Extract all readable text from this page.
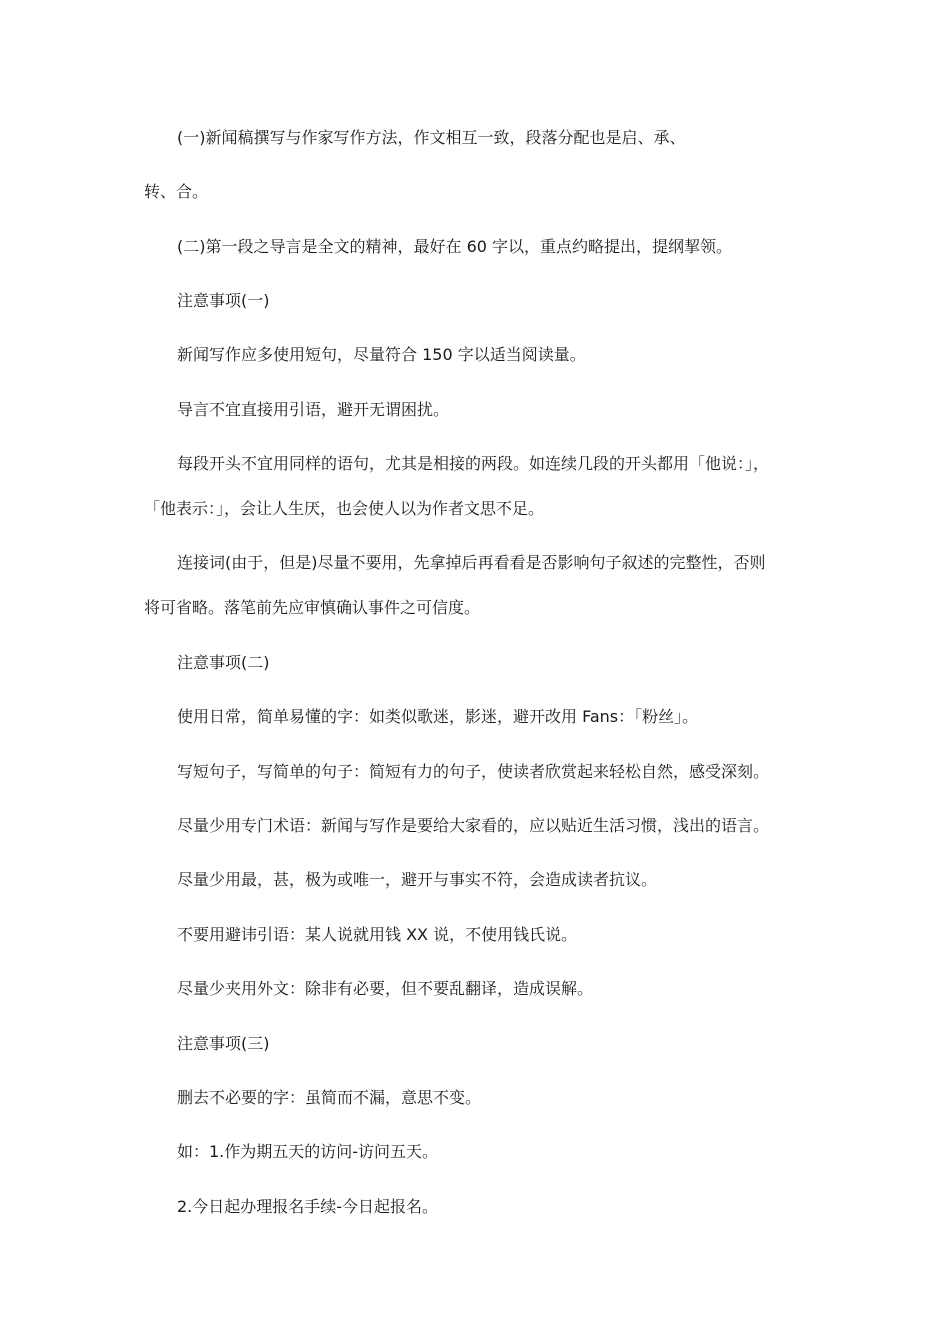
(一)新闻稿撰写与作家写作方法，作文相互一致，段落分配也是启、承、
转、合。
(二)第一段之导言是全文的精神，最好在 60 字以，重点约略提出，提纲挈领。
注意事项(一)
新闻写作应多使用短句，尽量符合 150 字以适当阅读量。
导言不宜直接用引语，避开无谓困扰。
每段开头不宜用同样的语句，尤其是相接的两段。如连续几段的开头都用「他说：」，
「他表示：」，会让人生厌，也会使人以为作者文思不足。
连接词(由于，但是)尽量不要用，先拿掉后再看看是否影响句子叙述的完整性，否则
将可省略。落笔前先应审慎确认事件之可信度。
注意事项(二)
使用日常，简单易懂的字：如类似歌迷，影迷，避开改用 Fans：「粉丝」。
写短句子，写简单的句子：简短有力的句子，使读者欣赏起来轻松自然，感受深刻。
尽量少用专门术语：新闻与写作是要给大家看的，应以贴近生活习惯，浅出的语言。
尽量少用最，甚，极为或唯一，避开与事实不符，会造成读者抗议。
不要用避讳引语：某人说就用钱 XX 说，不使用钱氏说。
尽量少夹用外文：除非有必要，但不要乱翻译，造成误解。
注意事项(三)
删去不必要的字：虽简而不漏，意思不变。
如：1.作为期五天的访问-访问五天。
2.今日起办理报名手续-今日起报名。
